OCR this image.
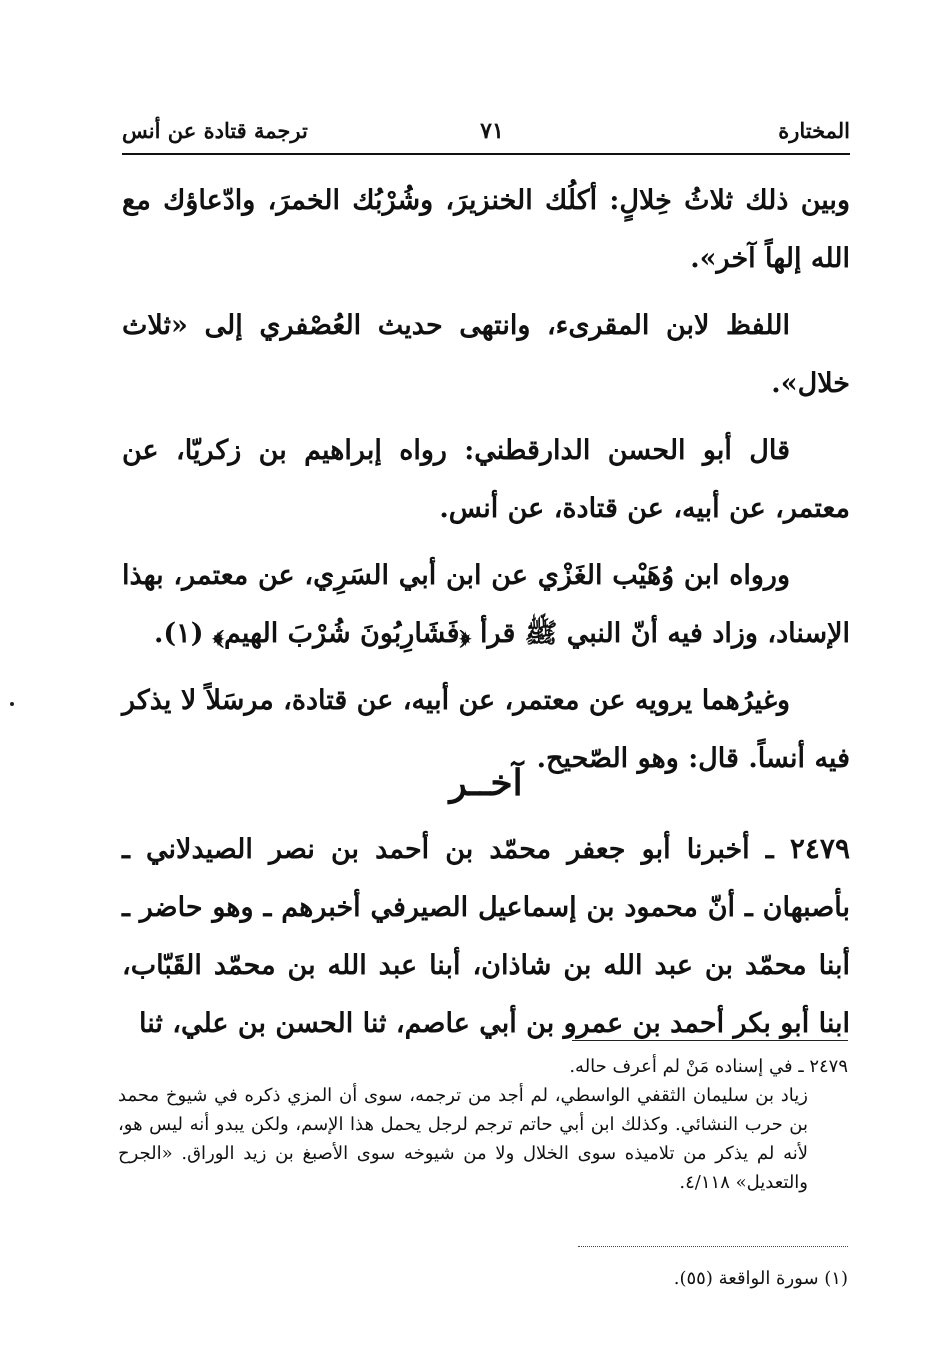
المختارة
٧١
ترجمة قتادة عن أنس

وبين ذلك ثلاثُ خِلالٍ: أكلُك الخنزيرَ، وشُرْبُك الخمرَ، وادّعاؤك مع الله إلهاً آخر».

اللفظ لابن المقرىء، وانتهى حديث العُصْفري إلى «ثلاث خلال».

قال أبو الحسن الدارقطني: رواه إبراهيم بن زكريّا، عن معتمر، عن أبيه، عن قتادة، عن أنس.

ورواه ابن وُهَيْب الغَزْي عن ابن أبي السَرِي، عن معتمر، بهذا الإسناد، وزاد فيه أنّ النبي ﷺ قرأ ﴿فَشَارِبُونَ شُرْبَ الهيم﴾ (١).

وغيرُهما يرويه عن معتمر، عن أبيه، عن قتادة، مرسَلاً لا يذكر فيه أنساً. قال: وهو الصّحيح.

آخــر

٢٤٧٩ ـ أخبرنا أبو جعفر محمّد بن أحمد بن نصر الصيدلاني ـ بأصبهان ـ أنّ محمود بن إسماعيل الصيرفي أخبرهم ـ وهو حاضر ـ أبنا محمّد بن عبد الله بن شاذان، أبنا عبد الله بن محمّد القَبّاب، ابنا أبو بكر أحمد بن عمرو بن أبي عاصم، ثنا الحسن بن علي، ثنا

٢٤٧٩ ـ في إسناده مَنْ لم أعرف حاله.

زياد بن سليمان الثقفي الواسطي، لم أجد من ترجمه، سوى أن المزي ذكره في شيوخ محمد بن حرب النشائي. وكذلك ابن أبي حاتم ترجم لرجل يحمل هذا الإسم، ولكن يبدو أنه ليس هو، لأنه لم يذكر من تلاميذه سوى الخلال ولا من شيوخه سوى الأصبغ بن زيد الوراق. «الجرح والتعديل» ٤/١١٨.

(١) سورة الواقعة (٥٥).
